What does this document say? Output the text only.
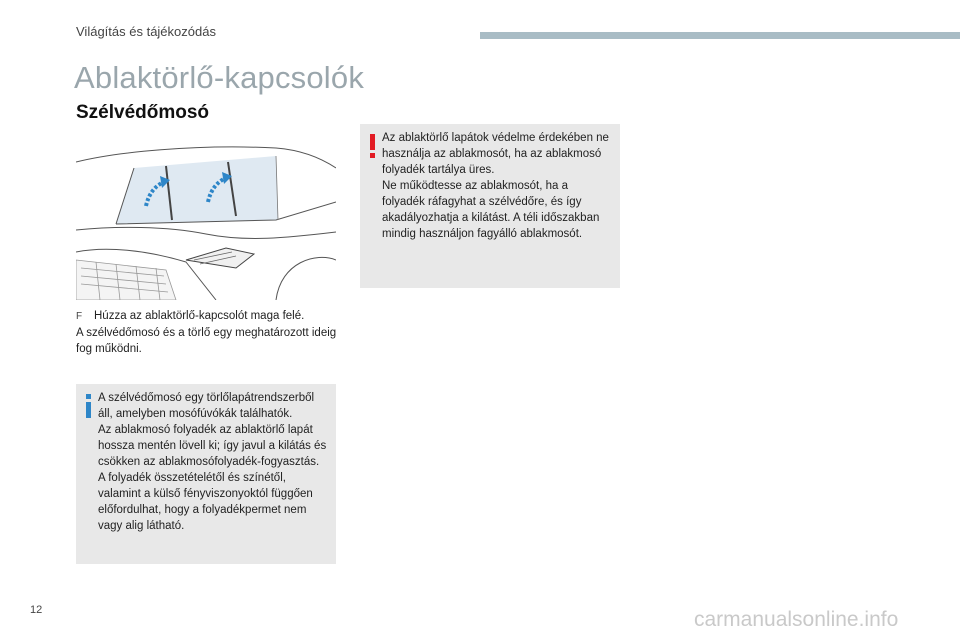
Világítás és tájékozódás
Ablaktörlő-kapcsolók
Szélvédőmosó
F Húzza az ablaktörlő-kapcsolót maga felé.
A szélvédőmosó és a törlő egy meghatározott ideig fog működni.

A szélvédőmosó egy törlőlapátrendszerből áll, amelyben mosófúvókák találhatók.
Az ablakmosó folyadék az ablaktörlő lapát hossza mentén lövell ki; így javul a kilátás és csökken az ablakmosófolyadék-fogyasztás.
A folyadék összetételétől és színétől, valamint a külső fényviszonyoktól függően előfordulhat, hogy a folyadékpermet nem vagy alig látható.

Az ablaktörlő lapátok védelme érdekében ne használja az ablakmosót, ha az ablakmosó folyadék tartálya üres.
Ne működtesse az ablakmosót, ha a folyadék ráfagyhat a szélvédőre, és így akadályozhatja a kilátást. A téli időszakban mindig használjon fagyálló ablakmosót.

12	carmanualsonline.info
